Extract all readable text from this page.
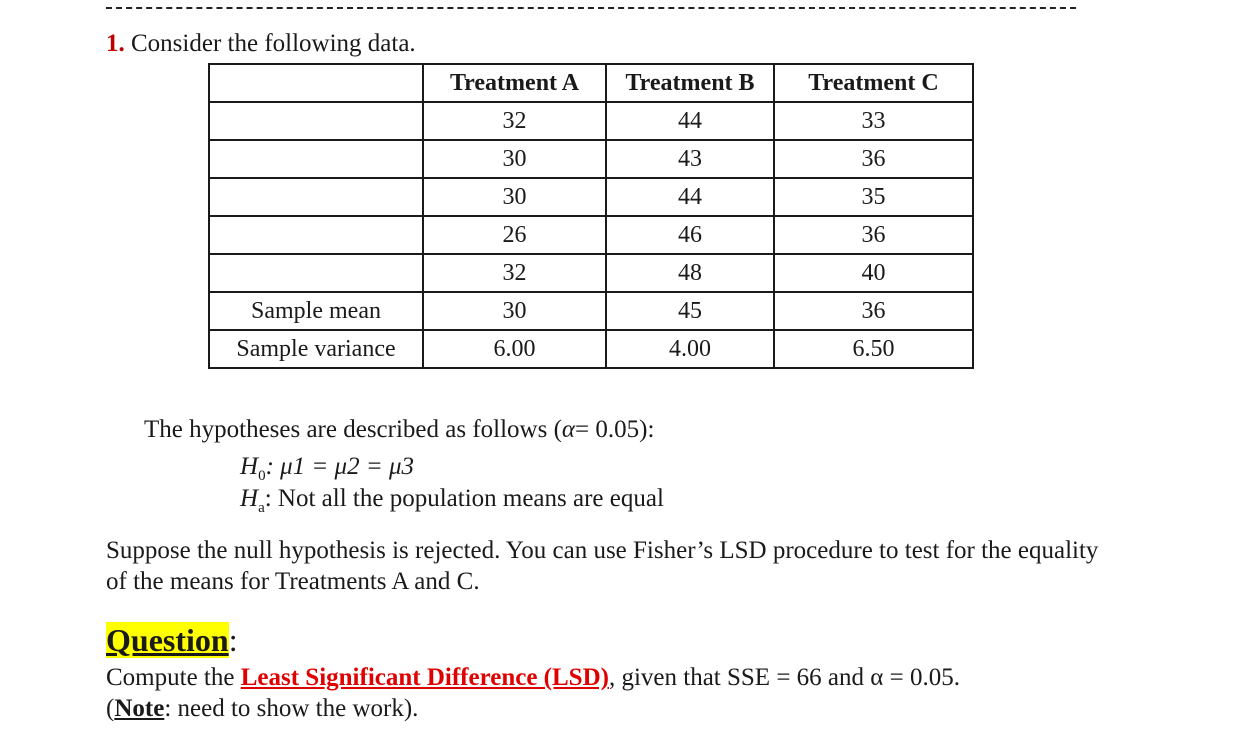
1. Consider the following data.
	Treatment A	Treatment B	Treatment C
	32	44	33
	30	43	36
	30	44	35
	26	46	36
	32	48	40
Sample mean	30	45	36
Sample variance	6.00	4.00	6.50
The hypotheses are described as follows (α= 0.05):
$H_0$: μ1 = μ2 = μ3
$H_a$: Not all the population means are equal
Suppose the null hypothesis is rejected. You can use Fisher’s LSD procedure to test for the equality of the means for Treatments A and C.
Question:
Compute the Least Significant Difference (LSD), given that SSE = 66 and α = 0.05.
(Note: need to show the work).
